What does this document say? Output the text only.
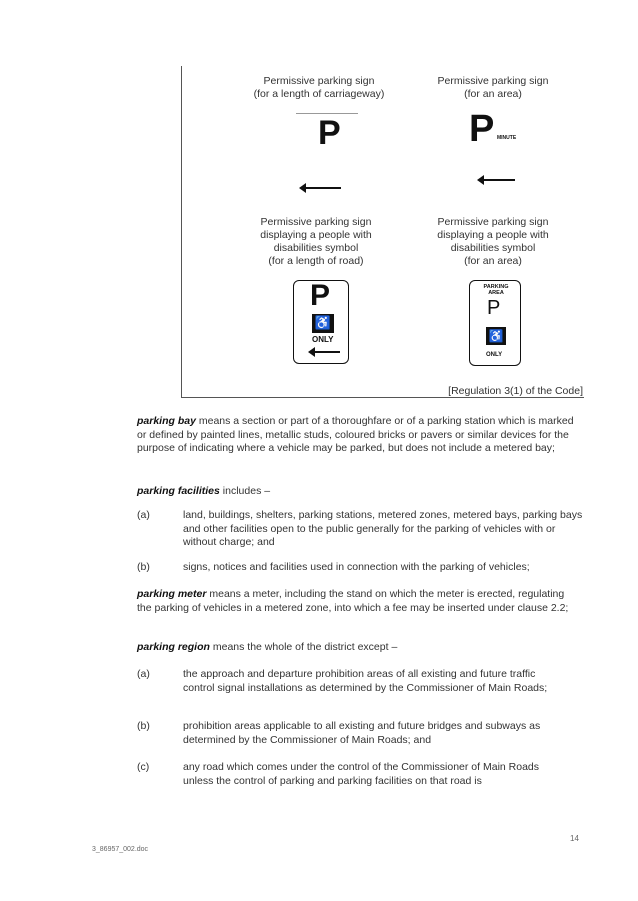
Permissive parking sign
(for a length of carriageway)
Permissive parking sign
(for an area)
P	P MINUTE
Permissive parking sign
displaying a people with
disabilities symbol
(for a length of road)
Permissive parking sign
displaying a people with
disabilities symbol
(for an area)
P
♿
ONLY
PARKING
AREA
P
♿
ONLY
[Regulation 3(1) of the Code]
parking bay means a section or part of a thoroughfare or of a parking station which is marked or defined by painted lines, metallic studs, coloured bricks or pavers or similar devices for the purpose of indicating where a vehicle may be parked, but does not include a metered bay;
parking facilities includes –
(a)	land, buildings, shelters, parking stations, metered zones, metered bays, parking bays and other facilities open to the public generally for the parking of vehicles with or without charge; and
(b)	signs, notices and facilities used in connection with the parking of vehicles;
parking meter means a meter, including the stand on which the meter is erected, regulating the parking of vehicles in a metered zone, into which a fee may be inserted under clause 2.2;
parking region means the whole of the district except –
(a)	the approach and departure prohibition areas of all existing and future traffic control signal installations as determined by the Commissioner of Main Roads;
(b)	prohibition areas applicable to all existing and future bridges and subways as determined by the Commissioner of Main Roads; and
(c)	any road which comes under the control of the Commissioner of Main Roads unless the control of parking and parking facilities on that road is
3_86957_002.doc
14
